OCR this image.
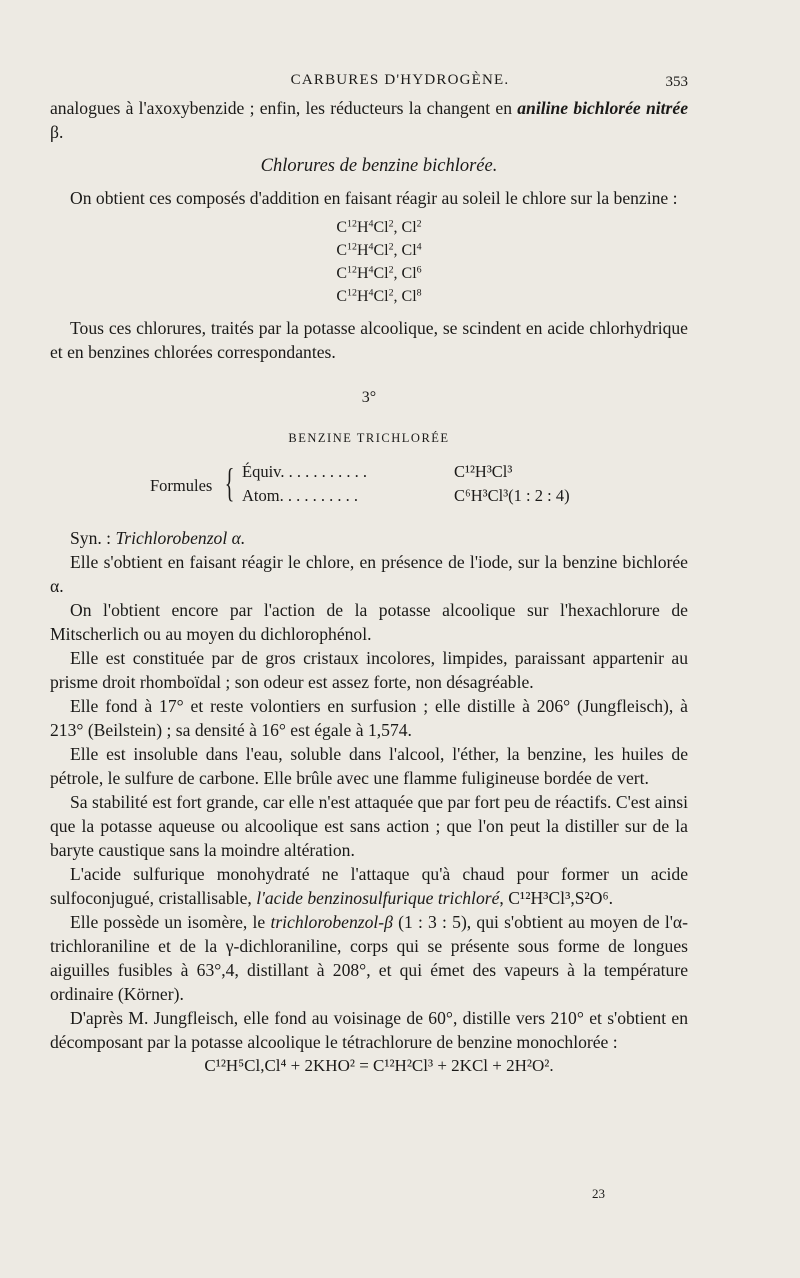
CARBURES D'HYDROGÈNE.	353

analogues à l'axoxybenzide ; enfin, les réducteurs la changent en aniline bichlorée nitrée β.

Chlorures de benzine bichlorée.

On obtient ces composés d'addition en faisant réagir au soleil le chlore sur la benzine :

$C^{12}H^4Cl^2$, Cl$^2$
$C^{12}H^4Cl^2$, Cl$^4$
$C^{12}H^4Cl^2$, Cl$^6$
$C^{12}H^4Cl^2$, Cl$^8$

Tous ces chlorures, traités par la potasse alcoolique, se scindent en acide chlorhydrique et en benzines chlorées correspondantes.

3°
BENZINE TRICHLORÉE
Formules { Équiv. . . . . . . . . . .	C¹²H³Cl³
Atom. . . . . . . . . .	C⁶H³Cl³(1 : 2 : 4)

Syn. : Trichlorobenzol α.

Elle s'obtient en faisant réagir le chlore, en présence de l'iode, sur la benzine bichlorée α.

On l'obtient encore par l'action de la potasse alcoolique sur l'hexachlorure de Mitscherlich ou au moyen du dichlorophénol.

Elle est constituée par de gros cristaux incolores, limpides, paraissant appartenir au prisme droit rhomboïdal ; son odeur est assez forte, non désagréable.

Elle fond à 17° et reste volontiers en surfusion ; elle distille à 206° (Jungfleisch), à 213° (Beilstein) ; sa densité à 16° est égale à 1,574.

Elle est insoluble dans l'eau, soluble dans l'alcool, l'éther, la benzine, les huiles de pétrole, le sulfure de carbone. Elle brûle avec une flamme fuligineuse bordée de vert.

Sa stabilité est fort grande, car elle n'est attaquée que par fort peu de réactifs. C'est ainsi que la potasse aqueuse ou alcoolique est sans action ; que l'on peut la distiller sur de la baryte caustique sans la moindre altération.

L'acide sulfurique monohydraté ne l'attaque qu'à chaud pour former un acide sulfoconjugué, cristallisable, l'acide benzinosulfurique trichloré, C¹²H³Cl³,S²O⁶.

Elle possède un isomère, le trichlorobenzol-β (1 : 3 : 5), qui s'obtient au moyen de l'α-trichloraniline et de la γ-dichloraniline, corps qui se présente sous forme de longues aiguilles fusibles à 63°,4, distillant à 208°, et qui émet des vapeurs à la température ordinaire (Körner).

D'après M. Jungfleisch, elle fond au voisinage de 60°, distille vers 210° et s'obtient en décomposant par la potasse alcoolique le tétrachlorure de benzine monochlorée :

C¹²H⁵Cl,Cl⁴ + 2KHO² = C¹²H²Cl³ + 2KCl + 2H²O².

23
